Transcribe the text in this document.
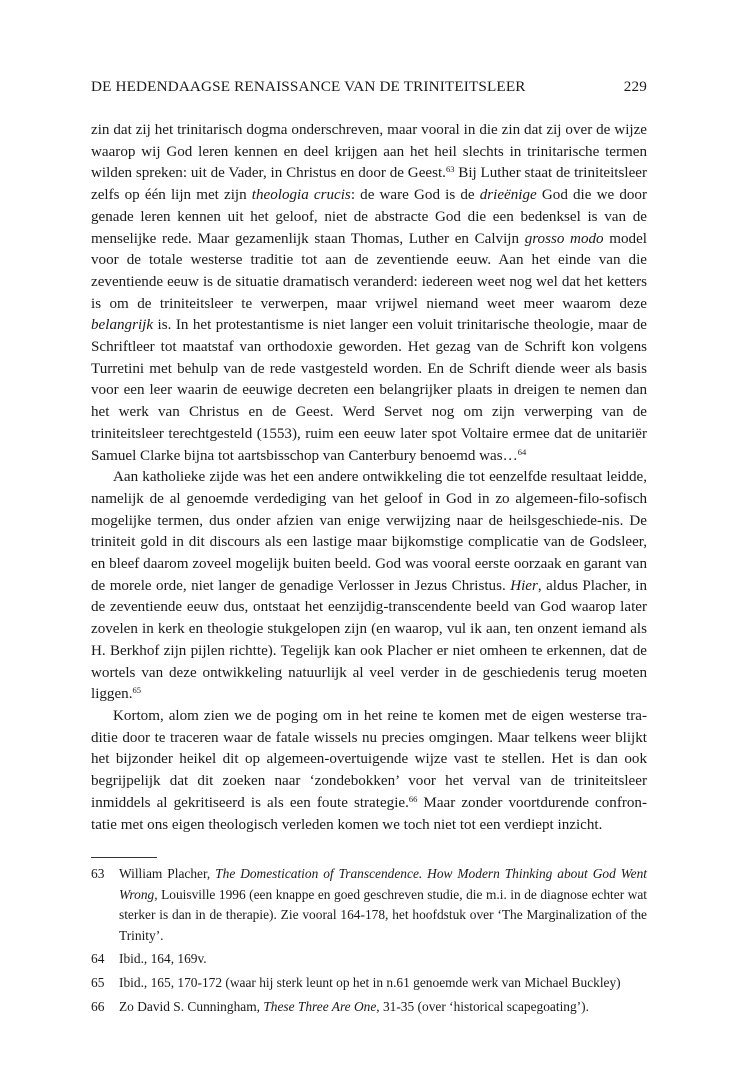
DE HEDENDAAGSE RENAISSANCE VAN DE TRINITEITSLEER	229

zin dat zij het trinitarisch dogma onderschreven, maar vooral in die zin dat zij over de wijze waarop wij God leren kennen en deel krijgen aan het heil slechts in trinitarische termen wilden spreken: uit de Vader, in Christus en door de Geest.$^{63}$ Bij Luther staat de triniteitsleer zelfs op één lijn met zijn theologia crucis: de ware God is de drieënige God die we door genade leren kennen uit het geloof, niet de abstracte God die een bedenksel is van de menselijke rede. Maar gezamenlijk staan Thomas, Luther en Calvijn grosso modo model voor de totale westerse traditie tot aan de zeventiende eeuw. Aan het einde van die zeventiende eeuw is de situatie dramatisch veranderd: iedereen weet nog wel dat het ketters is om de triniteitsleer te verwerpen, maar vrijwel niemand weet meer waarom deze belangrijk is. In het protestantisme is niet langer een voluit trinitarische theologie, maar de Schriftleer tot maatstaf van orthodoxie geworden. Het gezag van de Schrift kon volgens Turretini met behulp van de rede vastgesteld worden. En de Schrift diende weer als basis voor een leer waarin de eeuwige decreten een belangrijker plaats in dreigen te nemen dan het werk van Christus en de Geest. Werd Servet nog om zijn verwerping van de triniteitsleer terechtgesteld (1553), ruim een eeuw later spot Voltaire ermee dat de unitariër Samuel Clarke bijna tot aartsbisschop van Canterbury benoemd was…$^{64}$

Aan katholieke zijde was het een andere ontwikkeling die tot eenzelfde resultaat leidde, namelijk de al genoemde verdediging van het geloof in God in zo algemeen-filo-sofisch mogelijke termen, dus onder afzien van enige verwijzing naar de heilsgeschiede-nis. De triniteit gold in dit discours als een lastige maar bijkomstige complicatie van de Godsleer, en bleef daarom zoveel mogelijk buiten beeld. God was vooral eerste oorzaak en garant van de morele orde, niet langer de genadige Verlosser in Jezus Christus. Hier, aldus Placher, in de zeventiende eeuw dus, ontstaat het eenzijdig-transcendente beeld van God waarop later zovelen in kerk en theologie stukgelopen zijn (en waarop, vul ik aan, ten onzent iemand als H. Berkhof zijn pijlen richtte). Tegelijk kan ook Placher er niet omheen te erkennen, dat de wortels van deze ontwikkeling natuurlijk al veel verder in de geschiedenis terug moeten liggen.$^{65}$

Kortom, alom zien we de poging om in het reine te komen met de eigen westerse tra-ditie door te traceren waar de fatale wissels nu precies omgingen. Maar telkens weer blijkt het bijzonder heikel dit op algemeen-overtuigende wijze vast te stellen. Het is dan ook begrijpelijk dat dit zoeken naar ‘zondebokken’ voor het verval van de triniteitsleer inmiddels al gekritiseerd is als een foute strategie.$^{66}$ Maar zonder voortdurende confron-tatie met ons eigen theologisch verleden komen we toch niet tot een verdiept inzicht.

63	William Placher, The Domestication of Transcendence. How Modern Thinking about God Went Wrong, Louisville 1996 (een knappe en goed geschreven studie, die m.i. in de diagnose echter wat sterker is dan in de therapie). Zie vooral 164-178, het hoofdstuk over ‘The Marginalization of the Trinity’.
64	Ibid., 164, 169v.
65	Ibid., 165, 170-172 (waar hij sterk leunt op het in n.61 genoemde werk van Michael Buckley)
66	Zo David S. Cunningham, These Three Are One, 31-35 (over ‘historical scapegoating’).
